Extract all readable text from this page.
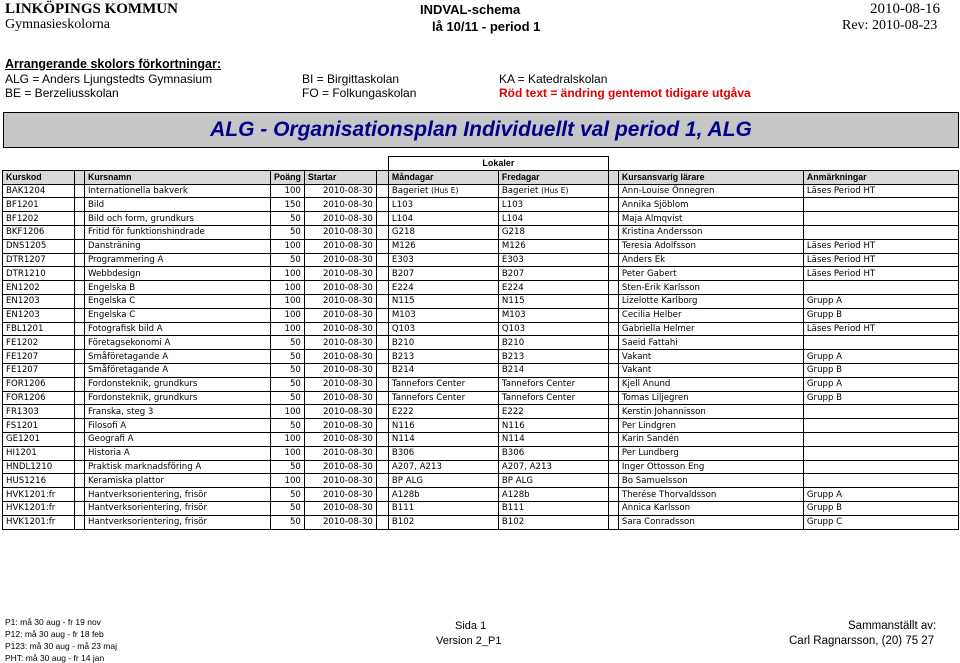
LINKÖPINGS KOMMUN
Gymnasieskolorna
INDVAL-schema
lå 10/11 - period 1
2010-08-16
Rev: 2010-08-23
Arrangerande skolors förkortningar:
ALG = Anders Ljungstedts Gymnasium
BE = Berzeliusskolan
BI = Birgittaskolan
FO = Folkungaskolan
KA = Katedralskolan
Röd text = ändring gentemot tidigare utgåva
ALG - Organisationsplan Individuellt val period 1, ALG
						Lokaler				
Kurskod		Kursnamn	Poäng	Startar		Måndagar	Fredagar		Kursansvarig lärare	Anmärkningar
BAK1204		Internationella bakverk	100	2010-08-30		Bageriet (Hus E)	Bageriet (Hus E)		Ann-Louise Önnegren	Läses Period HT
BF1201		Bild	150	2010-08-30		L103	L103		Annika Sjöblom	
BF1202		Bild och form, grundkurs	50	2010-08-30		L104	L104		Maja Almqvist	
BKF1206		Fritid för funktionshindrade	50	2010-08-30		G218	G218		Kristina Andersson	
DNS1205		Dansträning	100	2010-08-30		M126	M126		Teresia Adolfsson	Läses Period HT
DTR1207		Programmering A	50	2010-08-30		E303	E303		Anders Ek	Läses Period HT
DTR1210		Webbdesign	100	2010-08-30		B207	B207		Peter Gabert	Läses Period HT
EN1202		Engelska B	100	2010-08-30		E224	E224		Sten-Erik Karlsson	
EN1203		Engelska C	100	2010-08-30		N115	N115		Lizelotte Karlborg	Grupp A
EN1203		Engelska C	100	2010-08-30		M103	M103		Cecilia Helber	Grupp B
FBL1201		Fotografisk bild A	100	2010-08-30		Q103	Q103		Gabriella Helmer	Läses Period HT
FE1202		Företagsekonomi A	50	2010-08-30		B210	B210		Saeid Fattahi	
FE1207		Småföretagande A	50	2010-08-30		B213	B213		Vakant	Grupp A
FE1207		Småföretagande A	50	2010-08-30		B214	B214		Vakant	Grupp B
FOR1206		Fordonsteknik, grundkurs	50	2010-08-30		Tannefors Center	Tannefors Center		Kjell Anund	Grupp A
FOR1206		Fordonsteknik, grundkurs	50	2010-08-30		Tannefors Center	Tannefors Center		Tomas Liljegren	Grupp B
FR1303		Franska, steg 3	100	2010-08-30		E222	E222		Kerstin Johannisson	
FS1201		Filosofi A	50	2010-08-30		N116	N116		Per Lindgren	
GE1201		Geografi A	100	2010-08-30		N114	N114		Karin Sandén	
HI1201		Historia A	100	2010-08-30		B306	B306		Per Lundberg	
HNDL1210		Praktisk marknadsföring A	50	2010-08-30		A207, A213	A207, A213		Inger Ottosson Eng	
HUS1216		Keramiska plattor	100	2010-08-30		BP ALG	BP ALG		Bo Samuelsson	
HVK1201:fr		Hantverksorientering, frisör	50	2010-08-30		A128b	A128b		Therése Thorvaldsson	Grupp A
HVK1201:fr		Hantverksorientering, frisör	50	2010-08-30		B111	B111		Annica Karlsson	Grupp B
HVK1201:fr		Hantverksorientering, frisör	50	2010-08-30		B102	B102		Sara Conradsson	Grupp C
P1: må 30 aug - fr 19 nov
P12: må 30 aug - fr 18 feb
P123: må 30 aug - må 23 maj
PHT: må 30 aug - fr 14 jan
Sida 1
Version 2_P1
Sammanställt av:
Carl Ragnarsson, (20) 75 27
